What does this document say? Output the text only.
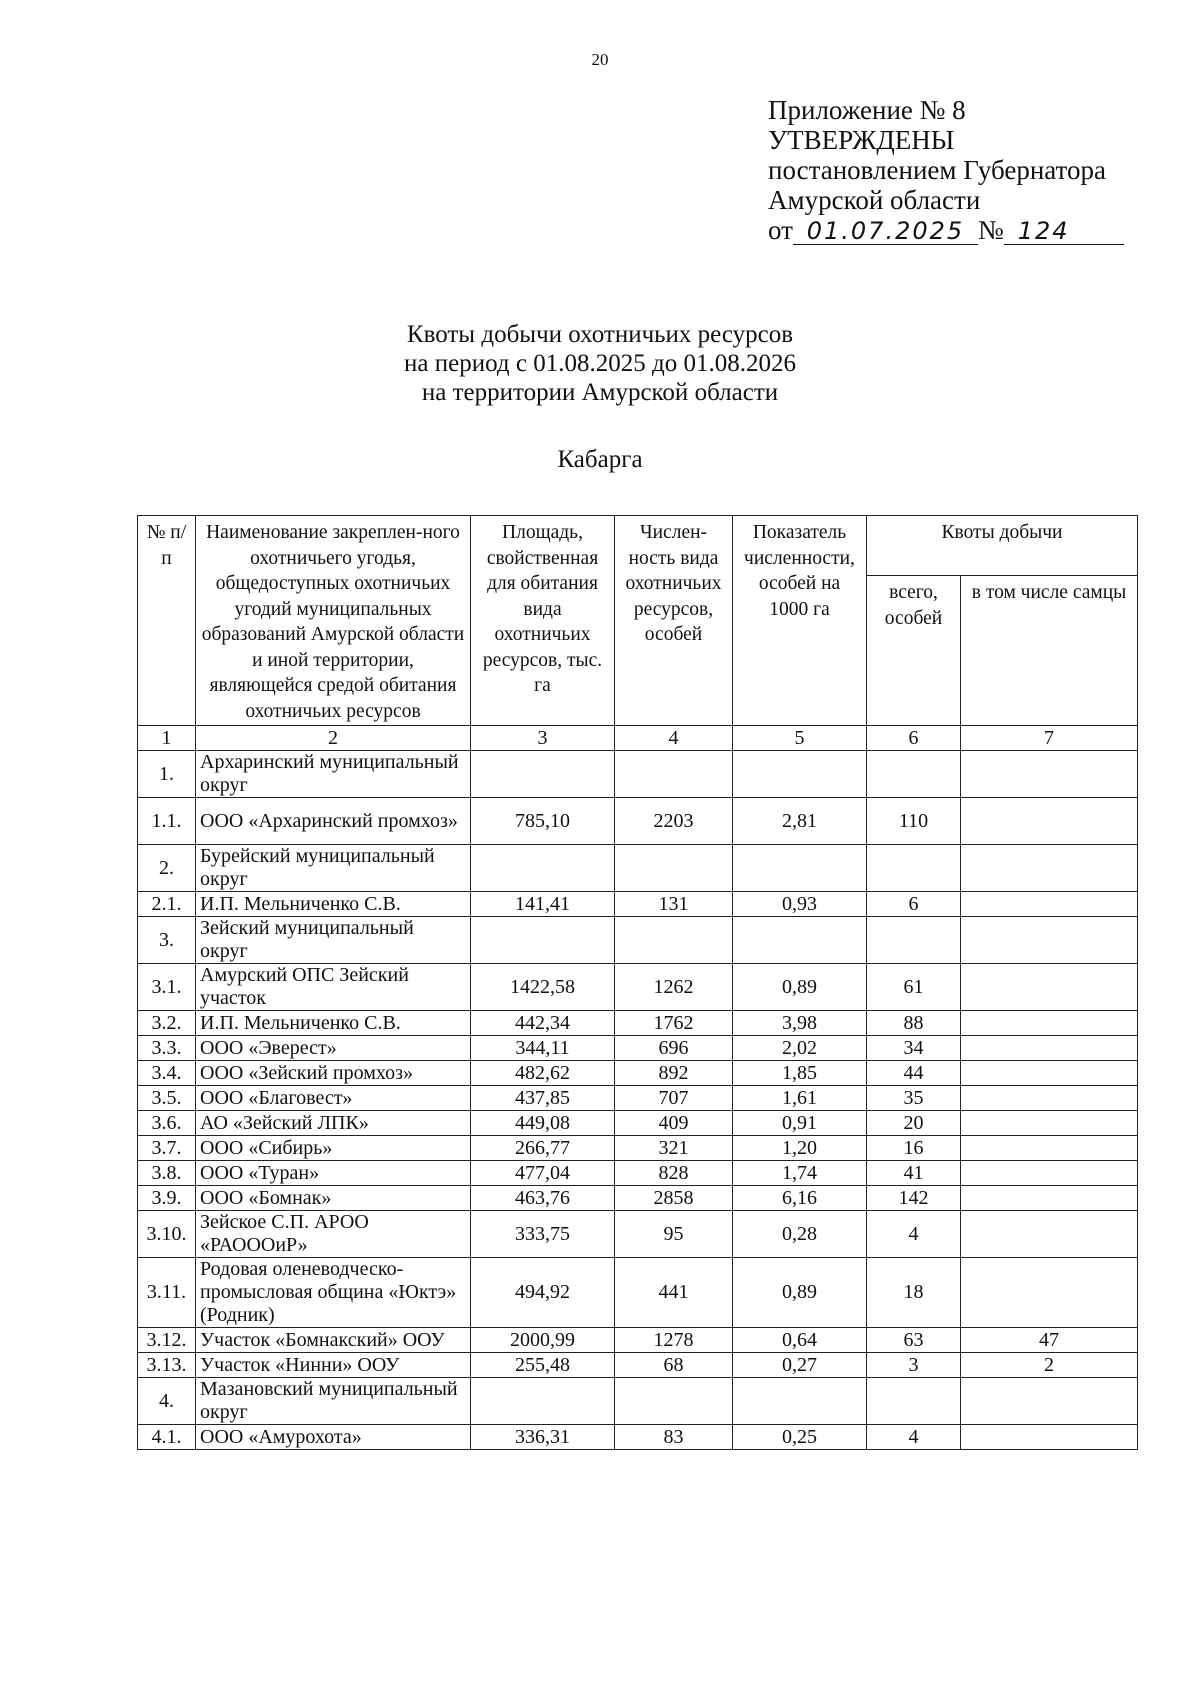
20
Приложение № 8
УТВЕРЖДЕНЫ
постановлением Губернатора
Амурской области
от 01.07.2025 № 124
Квоты добычи охотничьих ресурсов
на период с 01.08.2025 до 01.08.2026
на территории Амурской области
Кабарга
№ п/п	Наименование закреплен-ного охотничьего угодья, общедоступных охотничьих угодий муниципальных образований Амурской области и иной территории, являющейся средой обитания охотничьих ресурсов	Площадь, свойственная для обитания вида охотничьих ресурсов, тыс. га	Числен-ность вида охотничьих ресурсов, особей	Показатель численности, особей на 1000 га	Квоты добычи	
					всего, особей	в том числе самцы
1	2	3	4	5	6	7
1.	Архаринский муниципальный округ					
1.1.	ООО «Архаринский промхоз»	785,10	2203	2,81	110	
2.	Бурейский муниципальный округ					
2.1.	И.П. Мельниченко С.В.	141,41	131	0,93	6	
3.	Зейский муниципальный округ					
3.1.	Амурский ОПС Зейский участок	1422,58	1262	0,89	61	
3.2.	И.П. Мельниченко С.В.	442,34	1762	3,98	88	
3.3.	ООО «Эверест»	344,11	696	2,02	34	
3.4.	ООО «Зейский промхоз»	482,62	892	1,85	44	
3.5.	ООО «Благовест»	437,85	707	1,61	35	
3.6.	АО «Зейский ЛПК»	449,08	409	0,91	20	
3.7.	ООО «Сибирь»	266,77	321	1,20	16	
3.8.	ООО «Туран»	477,04	828	1,74	41	
3.9.	ООО «Бомнак»	463,76	2858	6,16	142	
3.10.	Зейское С.П. АРОО «РАОООиР»	333,75	95	0,28	4	
3.11.	Родовая оленеводческо-промысловая община «Юктэ» (Родник)	494,92	441	0,89	18	
3.12.	Участок «Бомнакский» ООУ	2000,99	1278	0,64	63	47
3.13.	Участок «Нинни» ООУ	255,48	68	0,27	3	2
4.	Мазановский муниципальный округ					
4.1.	ООО «Амурохота»	336,31	83	0,25	4	
